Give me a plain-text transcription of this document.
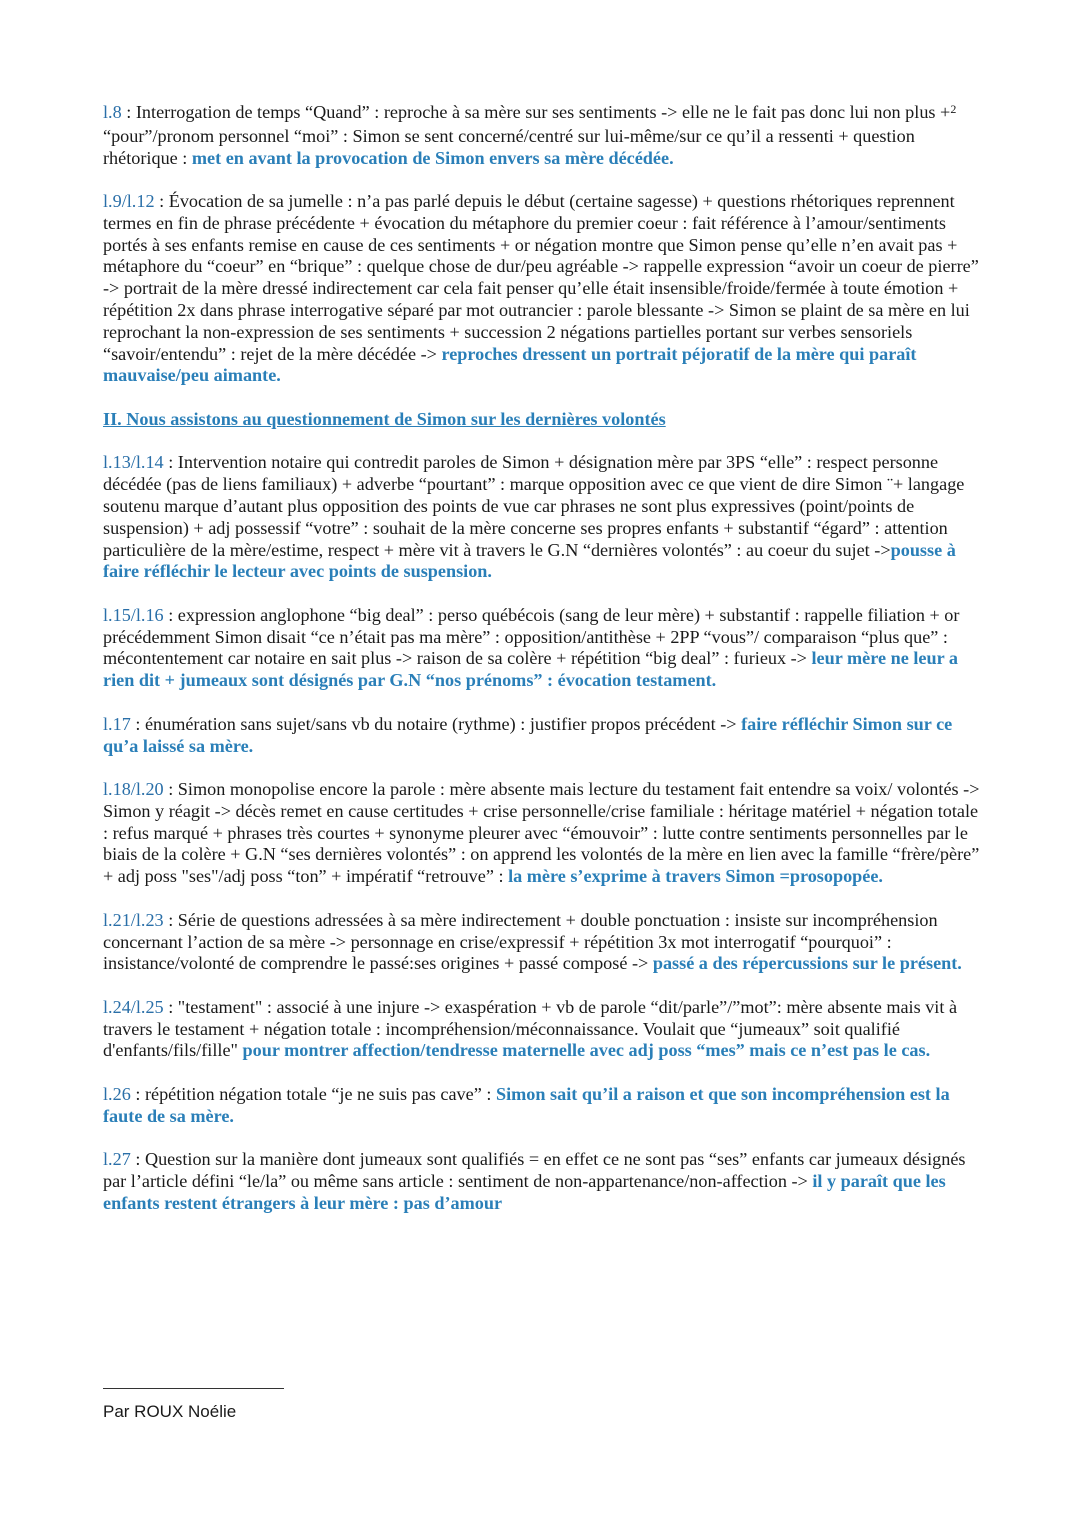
l.8 : Interrogation de temps “Quand” : reproche à sa mère sur ses sentiments -> elle ne le fait pas donc lui non plus +$^2$ “pour”/pronom personnel “moi” : Simon se sent concerné/centré sur lui-même/sur ce qu’il a ressenti + question rhétorique : met en avant la provocation de Simon envers sa mère décédée.

l.9/l.12 : Évocation de sa jumelle : n’a pas parlé depuis le début (certaine sagesse) + questions rhétoriques reprennent termes en fin de phrase précédente + évocation du métaphore du premier coeur : fait référence à l’amour/sentiments portés à ses enfants remise en cause de ces sentiments + or négation montre que Simon pense qu’elle n’en avait pas + métaphore du “coeur” en “brique” : quelque chose de dur/peu agréable -> rappelle expression “avoir un coeur de pierre” -> portrait de la mère dressé indirectement car cela fait penser qu’elle était insensible/froide/fermée à toute émotion + répétition 2x dans phrase interrogative séparé par mot outrancier : parole blessante -> Simon se plaint de sa mère en lui reprochant la non-expression de ses sentiments + succession 2 négations partielles portant sur verbes sensoriels “savoir/entendu” : rejet de la mère décédée -> reproches dressent un portrait péjoratif de la mère qui paraît mauvaise/peu aimante.

II. Nous assistons au questionnement de Simon sur les dernières volontés

l.13/l.14 : Intervention notaire qui contredit paroles de Simon + désignation mère par 3PS “elle” : respect personne décédée (pas de liens familiaux) + adverbe “pourtant” : marque opposition avec ce que vient de dire Simon ¨+ langage soutenu marque d’autant plus opposition des points de vue car phrases ne sont plus expressives (point/points de suspension) + adj possessif “votre” : souhait de la mère concerne ses propres enfants + substantif “égard” : attention particulière de la mère/estime, respect + mère vit à travers le G.N “dernières volontés” : au coeur du sujet ->pousse à faire réfléchir le lecteur avec points de suspension.

l.15/l.16 : expression anglophone “big deal” : perso québécois (sang de leur mère) + substantif : rappelle filiation + or précédemment Simon disait “ce n’était pas ma mère” : opposition/antithèse + 2PP “vous”/ comparaison “plus que” : mécontentement car notaire en sait plus -> raison de sa colère + répétition “big deal” : furieux -> leur mère ne leur a rien dit + jumeaux sont désignés par G.N “nos prénoms” : évocation testament.

l.17 : énumération sans sujet/sans vb du notaire (rythme) : justifier propos précédent -> faire réfléchir Simon sur ce qu’a laissé sa mère.

l.18/l.20 : Simon monopolise encore la parole : mère absente mais lecture du testament fait entendre sa voix/ volontés -> Simon y réagit -> décès remet en cause certitudes + crise personnelle/crise familiale : héritage matériel + négation totale : refus marqué + phrases très courtes + synonyme pleurer avec “émouvoir” : lutte contre sentiments personnelles par le biais de la colère + G.N “ses dernières volontés” : on apprend les volontés de la mère en lien avec la famille “frère/père” + adj poss "ses"/adj poss “ton” + impératif “retrouve” : la mère s’exprime à travers Simon =prosopopée.

l.21/l.23 : Série de questions adressées à sa mère indirectement + double ponctuation : insiste sur incompréhension concernant l’action de sa mère -> personnage en crise/expressif + répétition 3x mot interrogatif “pourquoi” : insistance/volonté de comprendre le passé:ses origines + passé composé -> passé a des répercussions sur le présent.

l.24/l.25 : "testament" : associé à une injure -> exaspération + vb de parole “dit/parle”/”mot”: mère absente mais vit à travers le testament + négation totale : incompréhension/méconnaissance. Voulait que “jumeaux” soit qualifié d'enfants/fils/fille" pour montrer affection/tendresse maternelle avec adj poss “mes” mais ce n’est pas le cas.

l.26 : répétition négation totale “je ne suis pas cave” : Simon sait qu’il a raison et que son incompréhension est la faute de sa mère.

l.27 : Question sur la manière dont jumeaux sont qualifiés = en effet ce ne sont pas “ses” enfants car jumeaux désignés par l’article défini “le/la” ou même sans article : sentiment de non-appartenance/non-affection -> il y paraît que les enfants restent étrangers à leur mère : pas d’amour

Par ROUX Noélie
